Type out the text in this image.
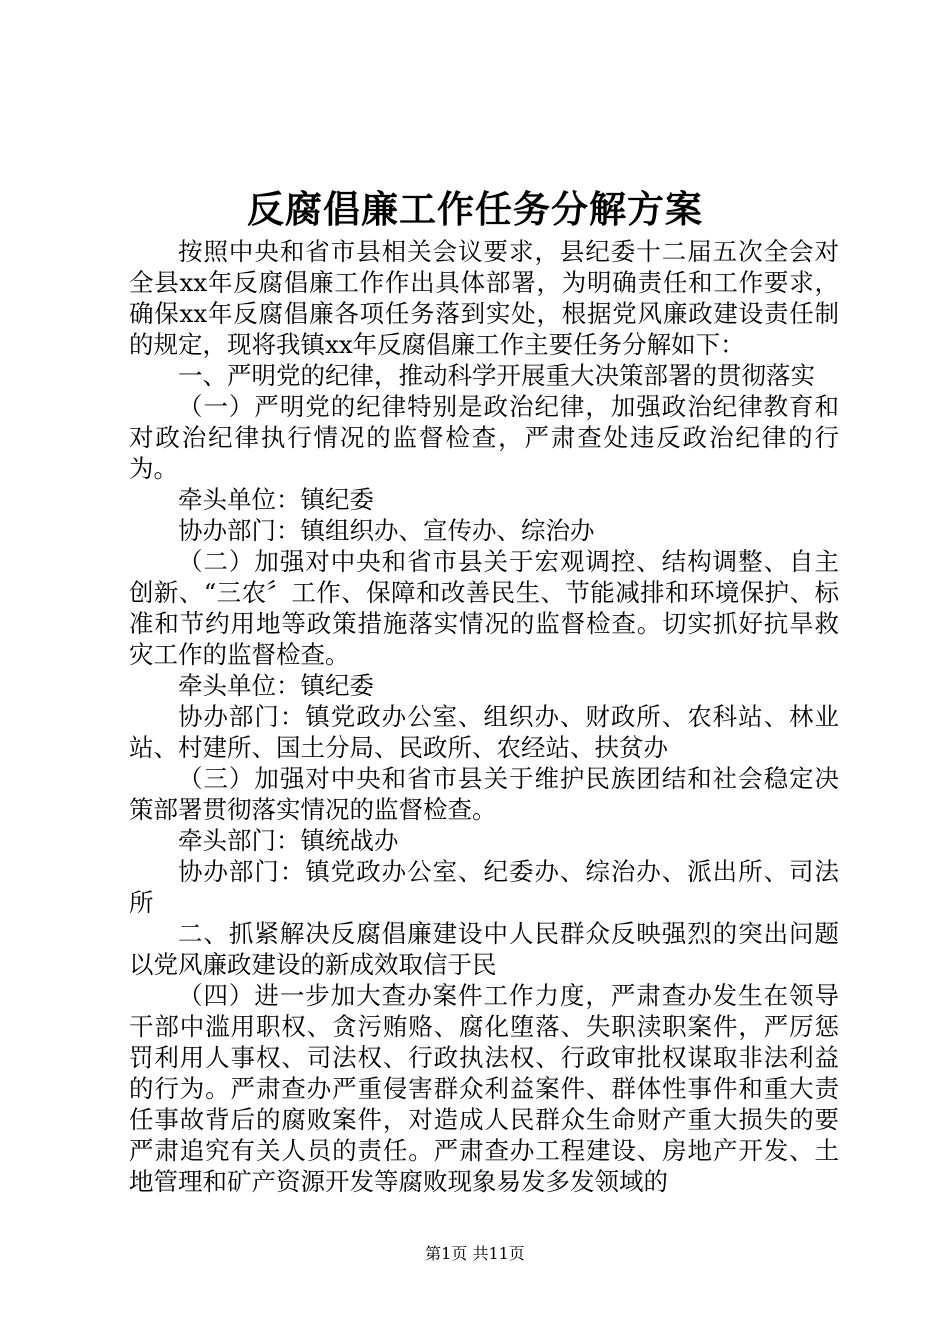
反腐倡廉工作任务分解方案

按照中央和省市县相关会议要求，县纪委十二届五次全会对全县xx年反腐倡廉工作作出具体部署，为明确责任和工作要求，确保xx年反腐倡廉各项任务落到实处，根据党风廉政建设责任制的规定，现将我镇xx年反腐倡廉工作主要任务分解如下：

一、严明党的纪律，推动科学开展重大决策部署的贯彻落实

（一）严明党的纪律特别是政治纪律，加强政治纪律教育和对政治纪律执行情况的监督检查，严肃查处违反政治纪律的行为。

牵头单位：镇纪委

协办部门：镇组织办、宣传办、综治办

（二）加强对中央和省市县关于宏观调控、结构调整、自主创新、“三农〞工作、保障和改善民生、节能减排和环境保护、标准和节约用地等政策措施落实情况的监督检查。切实抓好抗旱救灾工作的监督检查。

牵头单位：镇纪委

协办部门：镇党政办公室、组织办、财政所、农科站、林业站、村建所、国土分局、民政所、农经站、扶贫办

（三）加强对中央和省市县关于维护民族团结和社会稳定决策部署贯彻落实情况的监督检查。

牵头部门：镇统战办

协办部门：镇党政办公室、纪委办、综治办、派出所、司法所

二、抓紧解决反腐倡廉建设中人民群众反映强烈的突出问题以党风廉政建设的新成效取信于民

（四）进一步加大查办案件工作力度，严肃查办发生在领导干部中滥用职权、贪污贿赂、腐化堕落、失职渎职案件，严厉惩罚利用人事权、司法权、行政执法权、行政审批权谋取非法利益的行为。严肃查办严重侵害群众利益案件、群体性事件和重大责任事故背后的腐败案件，对造成人民群众生命财产重大损失的要严肃追究有关人员的责任。严肃查办工程建设、房地产开发、土地管理和矿产资源开发等腐败现象易发多发领域的

第1页 共11页
